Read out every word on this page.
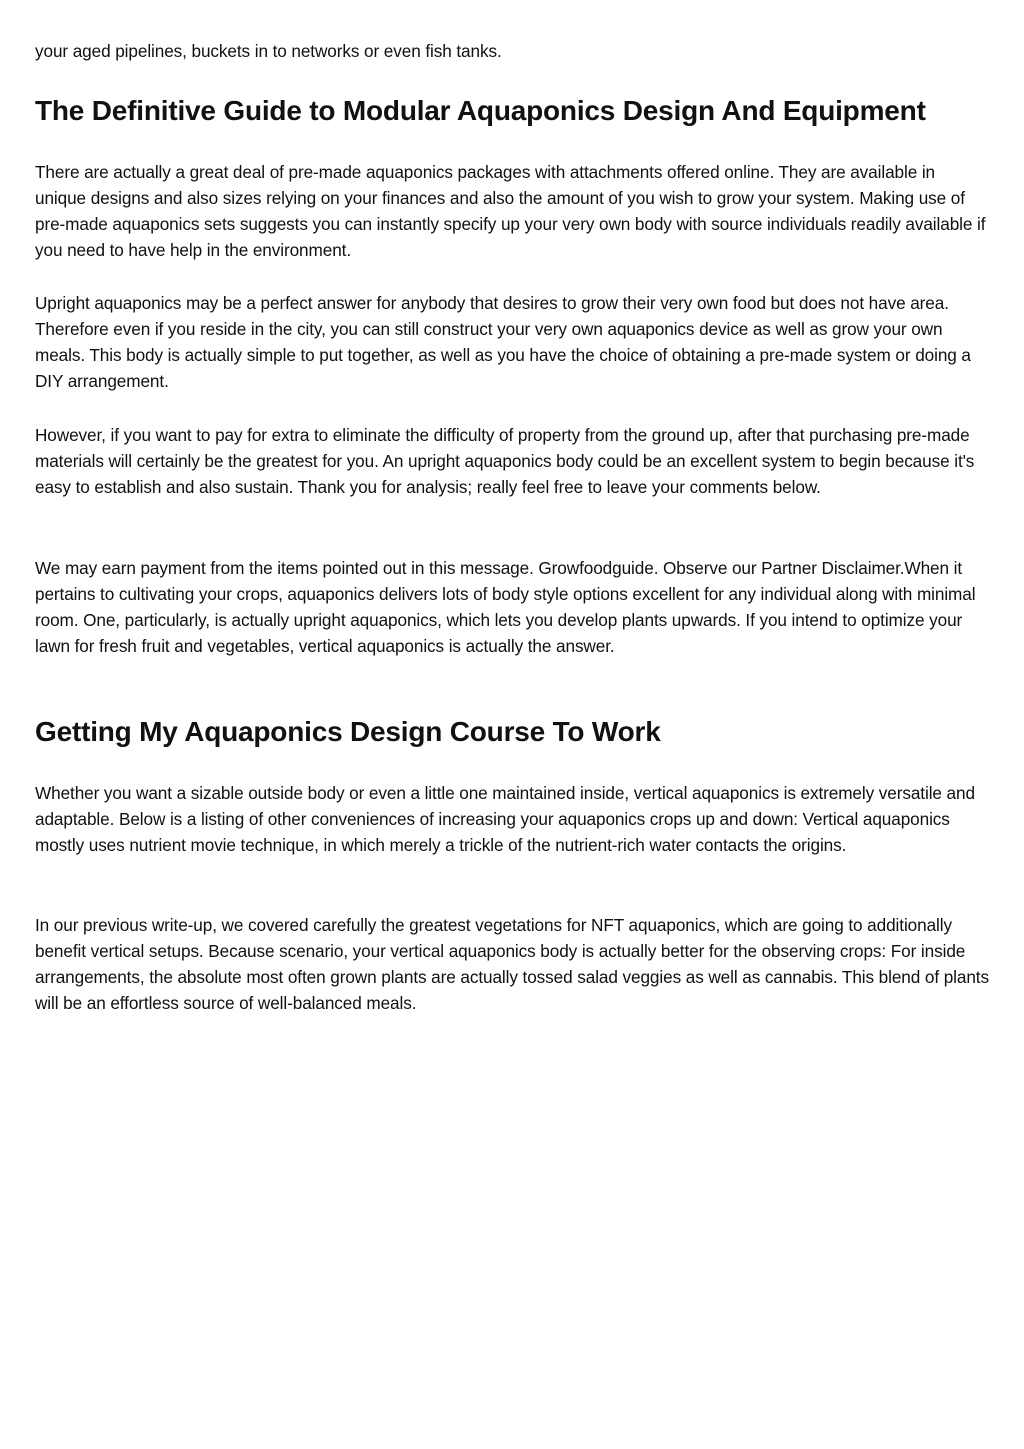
your aged pipelines, buckets in to networks or even fish tanks.

The Definitive Guide to Modular Aquaponics Design And Equipment

There are actually a great deal of pre-made aquaponics packages with attachments offered online. They are available in unique designs and also sizes relying on your finances and also the amount of you wish to grow your system. Making use of pre-made aquaponics sets suggests you can instantly specify up your very own body with source individuals readily available if you need to have help in the environment.

Upright aquaponics may be a perfect answer for anybody that desires to grow their very own food but does not have area. Therefore even if you reside in the city, you can still construct your very own aquaponics device as well as grow your own meals. This body is actually simple to put together, as well as you have the choice of obtaining a pre-made system or doing a DIY arrangement.

However, if you want to pay for extra to eliminate the difficulty of property from the ground up, after that purchasing pre-made materials will certainly be the greatest for you. An upright aquaponics body could be an excellent system to begin because it's easy to establish and also sustain. Thank you for analysis; really feel free to leave your comments below.

We may earn payment from the items pointed out in this message. Growfoodguide. Observe our Partner Disclaimer.When it pertains to cultivating your crops, aquaponics delivers lots of body style options excellent for any individual along with minimal room. One, particularly, is actually upright aquaponics, which lets you develop plants upwards. If you intend to optimize your lawn for fresh fruit and vegetables, vertical aquaponics is actually the answer.

Getting My Aquaponics Design Course To Work

Whether you want a sizable outside body or even a little one maintained inside, vertical aquaponics is extremely versatile and adaptable. Below is a listing of other conveniences of increasing your aquaponics crops up and down: Vertical aquaponics mostly uses nutrient movie technique, in which merely a trickle of the nutrient-rich water contacts the origins.

In our previous write-up, we covered carefully the greatest vegetations for NFT aquaponics, which are going to additionally benefit vertical setups. Because scenario, your vertical aquaponics body is actually better for the observing crops: For inside arrangements, the absolute most often grown plants are actually tossed salad veggies as well as cannabis. This blend of plants will be an effortless source of well-balanced meals.
